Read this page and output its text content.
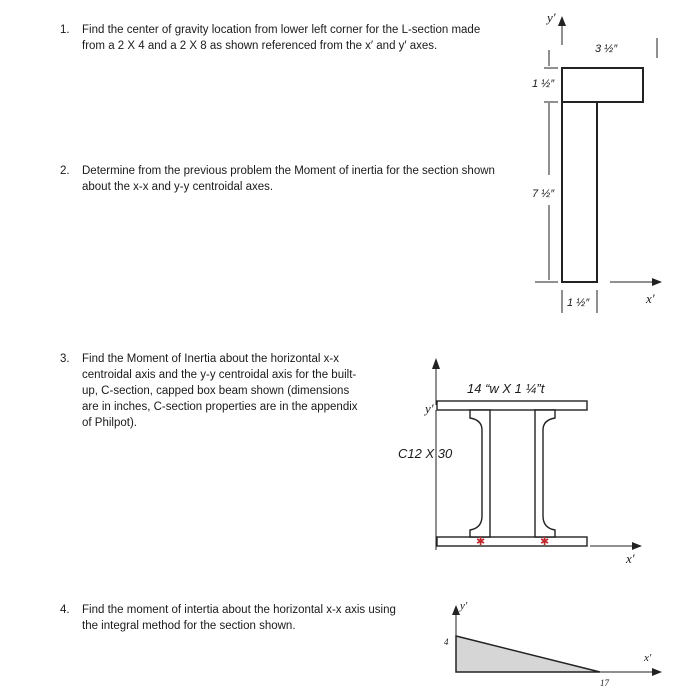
1. Find the center of gravity location from lower left corner for the L-section made
from a 2 X 4 and a 2 X 8 as shown referenced from the x′ and y′ axes.
2. Determine from the previous problem the Moment of inertia for the section shown
about the x-x and y-y centroidal axes.
3. Find the Moment of Inertia about the horizontal x-x
centroidal axis and the y-y centroidal axis for the built-
up, C-section, capped box beam shown (dimensions
are in inches, C-section properties are in the appendix
of Philpot).
4. Find the moment of intertia about the horizontal x-x axis using
the integral method for the section shown.
✱	✱
y′
3 ½″
1 ½″
7 ½″
1 ½″	x′
14 “w X 1 ¼”t
C12 X 30
y′
x′
y′
4
17
x′
